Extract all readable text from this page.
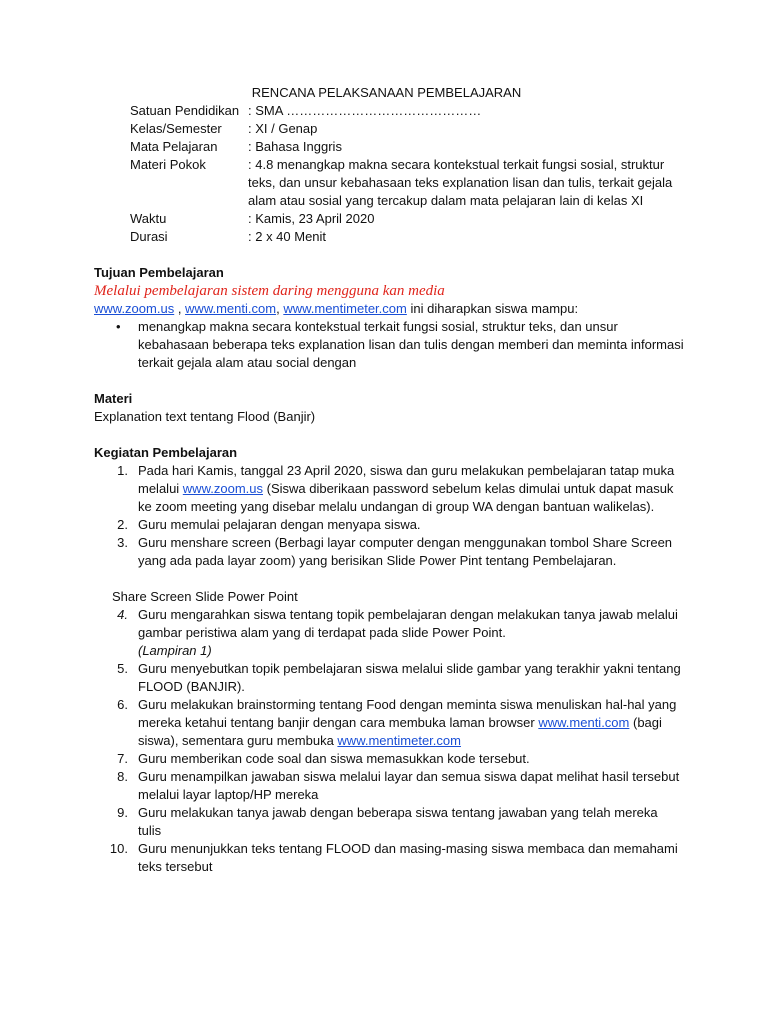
RENCANA PELAKSANAAN PEMBELAJARAN
Satuan Pendidikan : SMA ………………………………………
Kelas/Semester	: XI / Genap
Mata Pelajaran	: Bahasa Inggris
Materi Pokok	: 4.8 menangkap makna secara kontekstual terkait fungsi sosial, struktur teks, dan unsur kebahasaan teks explanation lisan dan tulis, terkait gejala alam atau sosial yang tercakup dalam mata pelajaran lain di kelas XI
Waktu	: Kamis, 23 April 2020
Durasi	: 2 x 40 Menit
Tujuan Pembelajaran
Melalui pembelajaran sistem daring mengguna kan media
www.zoom.us , www.menti.com, www.mentimeter.com ini diharapkan siswa mampu:
•	menangkap makna secara kontekstual terkait fungsi sosial, struktur teks, dan unsur kebahasaan beberapa teks explanation lisan dan tulis dengan memberi dan meminta informasi terkait gejala alam atau social dengan
Materi
Explanation text tentang Flood (Banjir)
Kegiatan Pembelajaran
1. Pada hari Kamis, tanggal 23 April 2020, siswa dan guru melakukan pembelajaran tatap muka melalui www.zoom.us (Siswa diberikaan password sebelum kelas dimulai untuk dapat masuk ke zoom meeting yang disebar melalu undangan di group WA dengan bantuan walikelas).
2. Guru memulai pelajaran dengan menyapa siswa.
3. Guru menshare screen (Berbagi layar computer dengan menggunakan tombol Share Screen yang ada pada layar zoom) yang berisikan Slide Power Pint tentang Pembelajaran.
Share Screen Slide Power Point
4. Guru mengarahkan siswa tentang topik pembelajaran dengan melakukan tanya jawab melalui gambar peristiwa alam yang di terdapat pada slide Power Point.
(Lampiran 1)
5. Guru menyebutkan topik pembelajaran siswa melalui slide gambar yang terakhir yakni tentang FLOOD (BANJIR).
6. Guru melakukan brainstorming tentang Food dengan meminta siswa menuliskan hal-hal yang mereka ketahui tentang banjir dengan cara membuka laman browser www.menti.com (bagi siswa), sementara guru membuka www.mentimeter.com
7. Guru memberikan code soal dan siswa memasukkan kode tersebut.
8. Guru menampilkan jawaban siswa melalui layar dan semua siswa dapat melihat hasil tersebut melalui layar laptop/HP mereka
9. Guru melakukan tanya jawab dengan beberapa siswa tentang jawaban yang telah mereka tulis
10. Guru menunjukkan teks tentang FLOOD dan masing-masing siswa membaca dan memahami teks tersebut
